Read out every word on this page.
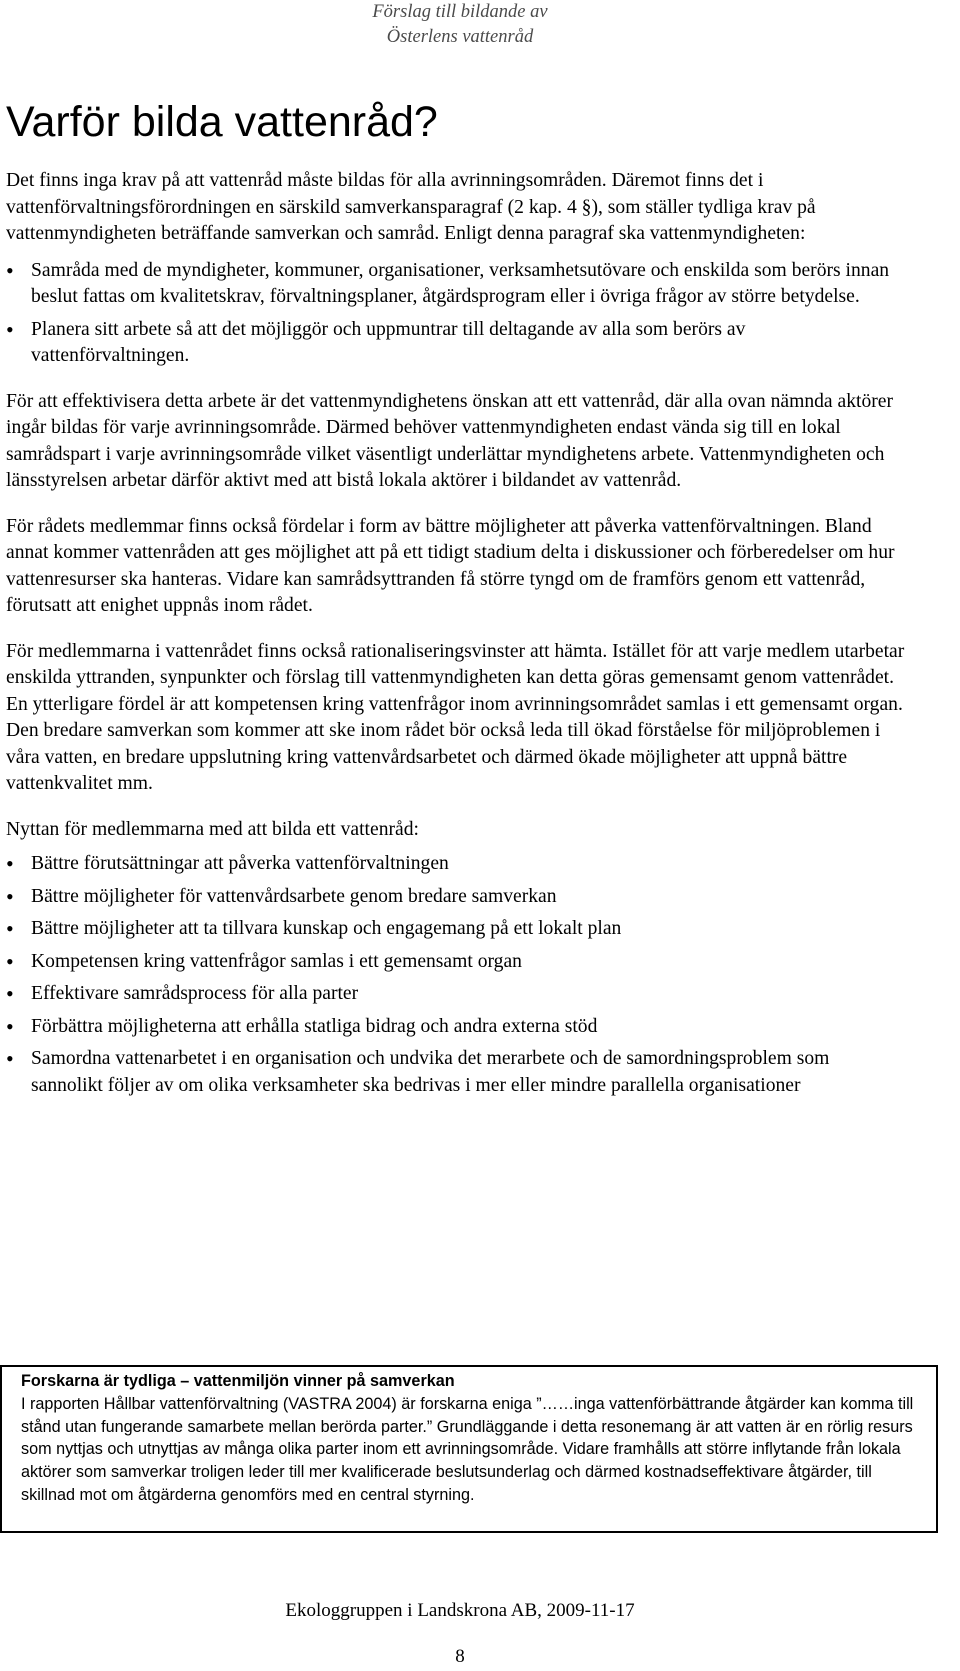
Förslag till bildande av
Österlens vattenråd
Varför bilda vattenråd?

Det finns inga krav på att vattenråd måste bildas för alla avrinningsområden. Däremot finns det i vattenförvaltningsförordningen en särskild samverkansparagraf (2 kap. 4 §), som ställer tydliga krav på vattenmyndigheten beträffande samverkan och samråd. Enligt denna paragraf ska vattenmyndigheten:

• Samråda med de myndigheter, kommuner, organisationer, verksamhetsutövare och enskilda som berörs innan beslut fattas om kvalitetskrav, förvaltningsplaner, åtgärdsprogram eller i övriga frågor av större betydelse.
• Planera sitt arbete så att det möjliggör och uppmuntrar till deltagande av alla som berörs av vattenförvaltningen.

För att effektivisera detta arbete är det vattenmyndighetens önskan att ett vattenråd, där alla ovan nämnda aktörer ingår bildas för varje avrinningsområde. Därmed behöver vattenmyndigheten endast vända sig till en lokal samrådspart i varje avrinningsområde vilket väsentligt underlättar myndighetens arbete. Vattenmyndigheten och länsstyrelsen arbetar därför aktivt med att bistå lokala aktörer i bildandet av vattenråd.

För rådets medlemmar finns också fördelar i form av bättre möjligheter att påverka vattenförvaltningen. Bland annat kommer vattenråden att ges möjlighet att på ett tidigt stadium delta i diskussioner och förberedelser om hur vattenresurser ska hanteras. Vidare kan samrådsyttranden få större tyngd om de framförs genom ett vattenråd, förutsatt att enighet uppnås inom rådet.

För medlemmarna i vattenrådet finns också rationaliseringsvinster att hämta. Istället för att varje medlem utarbetar enskilda yttranden, synpunkter och förslag till vattenmyndigheten kan detta göras gemensamt genom vattenrådet. En ytterligare fördel är att kompetensen kring vattenfrågor inom avrinningsområdet samlas i ett gemensamt organ. Den bredare samverkan som kommer att ske inom rådet bör också leda till ökad förståelse för miljöproblemen i våra vatten, en bredare uppslutning kring vattenvårdsarbetet och därmed ökade möjligheter att uppnå bättre vattenkvalitet mm.

Nyttan för medlemmarna med att bilda ett vattenråd:

• Bättre förutsättningar att påverka vattenförvaltningen
• Bättre möjligheter för vattenvårdsarbete genom bredare samverkan
• Bättre möjligheter att ta tillvara kunskap och engagemang på ett lokalt plan
• Kompetensen kring vattenfrågor samlas i ett gemensamt organ
• Effektivare samrådsprocess för alla parter
• Förbättra möjligheterna att erhålla statliga bidrag och andra externa stöd
• Samordna vattenarbetet i en organisation och undvika det merarbete och de samordningsproblem som sannolikt följer av om olika verksamheter ska bedrivas i mer eller mindre parallella organisationer

Forskarna är tydliga – vattenmiljön vinner på samverkan

I rapporten Hållbar vattenförvaltning (VASTRA 2004) är forskarna eniga ”……inga vattenförbättrande åtgärder kan komma till stånd utan fungerande samarbete mellan berörda parter.” Grundläggande i detta resonemang är att vatten är en rörlig resurs som nyttjas och utnyttjas av många olika parter inom ett avrinningsområde. Vidare framhålls att större inflytande från lokala aktörer som samverkar troligen leder till mer kvalificerade beslutsunderlag och därmed kostnadseffektivare åtgärder, till skillnad mot om åtgärderna genomförs med en central styrning.

Ekologgruppen i Landskrona AB, 2009-11-17
8
